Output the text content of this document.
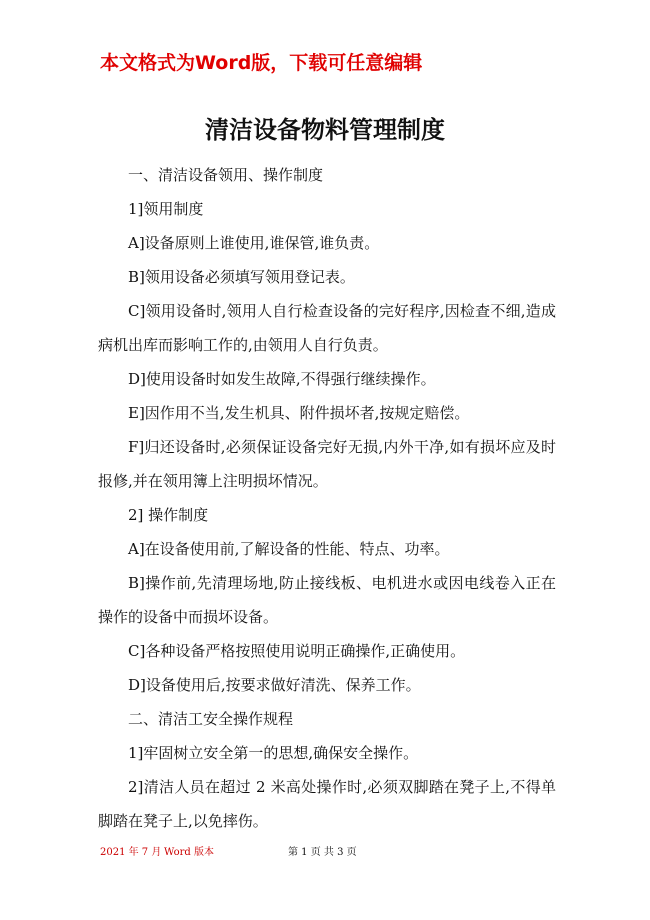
本文格式为Word版，下载可任意编辑
清洁设备物料管理制度

一、清洁设备领用、操作制度

1]领用制度

A]设备原则上谁使用,谁保管,谁负责。

B]领用设备必须填写领用登记表。

C]领用设备时,领用人自行检查设备的完好程序,因检查不细,造成病机出库而影响工作的,由领用人自行负责。

D]使用设备时如发生故障,不得强行继续操作。

E]因作用不当,发生机具、附件损坏者,按规定赔偿。

F]归还设备时,必须保证设备完好无损,内外干净,如有损坏应及时报修,并在领用簿上注明损坏情况。

2] 操作制度

A]在设备使用前,了解设备的性能、特点、功率。

B]操作前,先清理场地,防止接线板、电机进水或因电线卷入正在操作的设备中而损坏设备。

C]各种设备严格按照使用说明正确操作,正确使用。

D]设备使用后,按要求做好清洗、保养工作。

二、清洁工安全操作规程

1]牢固树立安全第一的思想,确保安全操作。

2]清洁人员在超过 2 米高处操作时,必须双脚踏在凳子上,不得单脚踏在凳子上,以免摔伤。

2021 年 7 月 Word 版本	第 1 页 共 3 页
